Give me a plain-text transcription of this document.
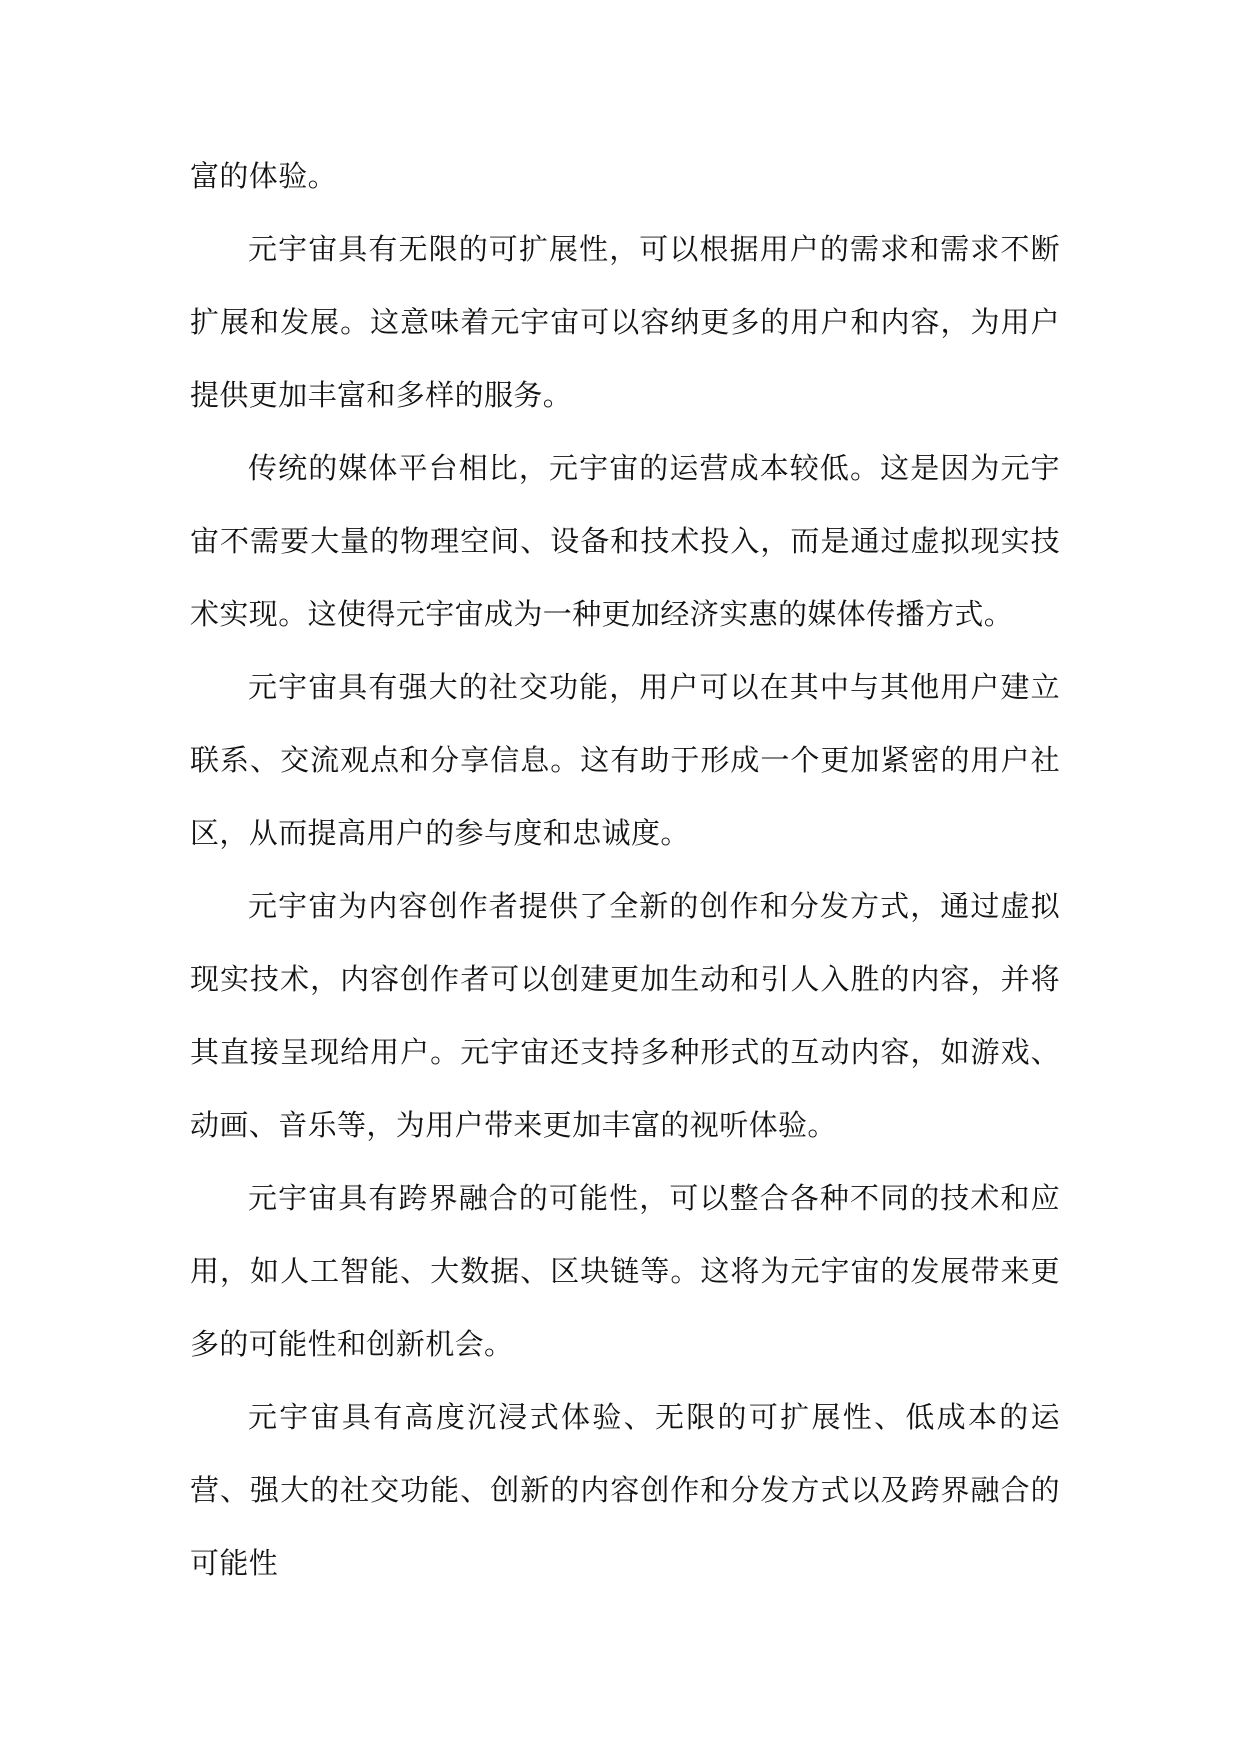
富的体验。

元宇宙具有无限的可扩展性，可以根据用户的需求和需求不断扩展和发展。这意味着元宇宙可以容纳更多的用户和内容，为用户提供更加丰富和多样的服务。

传统的媒体平台相比，元宇宙的运营成本较低。这是因为元宇宙不需要大量的物理空间、设备和技术投入，而是通过虚拟现实技术实现。这使得元宇宙成为一种更加经济实惠的媒体传播方式。

元宇宙具有强大的社交功能，用户可以在其中与其他用户建立联系、交流观点和分享信息。这有助于形成一个更加紧密的用户社区，从而提高用户的参与度和忠诚度。

元宇宙为内容创作者提供了全新的创作和分发方式，通过虚拟现实技术，内容创作者可以创建更加生动和引人入胜的内容，并将其直接呈现给用户。元宇宙还支持多种形式的互动内容，如游戏、动画、音乐等，为用户带来更加丰富的视听体验。

元宇宙具有跨界融合的可能性，可以整合各种不同的技术和应用，如人工智能、大数据、区块链等。这将为元宇宙的发展带来更多的可能性和创新机会。

元宇宙具有高度沉浸式体验、无限的可扩展性、低成本的运营、强大的社交功能、创新的内容创作和分发方式以及跨界融合的可能性
